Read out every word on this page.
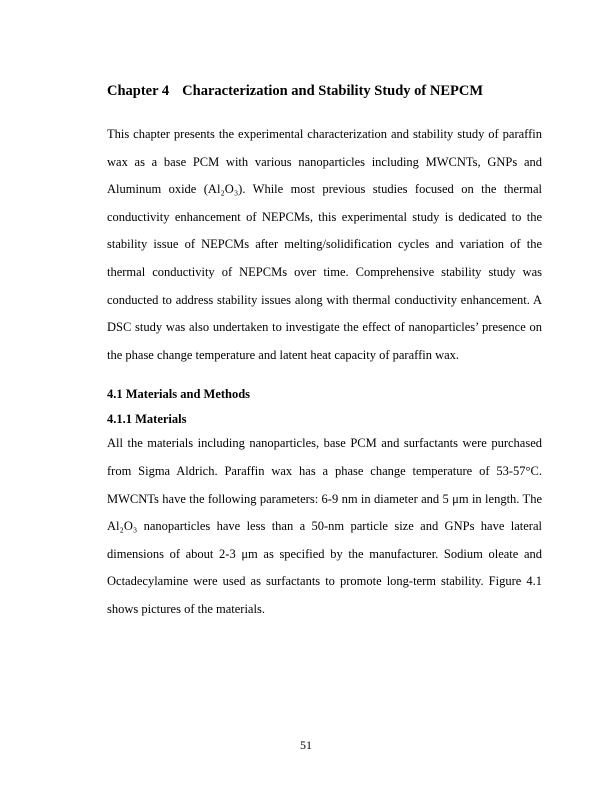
Chapter 4 Characterization and Stability Study of NEPCM

This chapter presents the experimental characterization and stability study of paraffin wax as a base PCM with various nanoparticles including MWCNTs, GNPs and Aluminum oxide (Al₂O₃). While most previous studies focused on the thermal conductivity enhancement of NEPCMs, this experimental study is dedicated to the stability issue of NEPCMs after melting/solidification cycles and variation of the thermal conductivity of NEPCMs over time. Comprehensive stability study was conducted to address stability issues along with thermal conductivity enhancement. A DSC study was also undertaken to investigate the effect of nanoparticles’ presence on the phase change temperature and latent heat capacity of paraffin wax.

4.1 Materials and Methods
4.1.1 Materials

All the materials including nanoparticles, base PCM and surfactants were purchased from Sigma Aldrich. Paraffin wax has a phase change temperature of 53-57°C. MWCNTs have the following parameters: 6-9 nm in diameter and 5 μm in length. The Al₂O₃ nanoparticles have less than a 50-nm particle size and GNPs have lateral dimensions of about 2-3 μm as specified by the manufacturer. Sodium oleate and Octadecylamine were used as surfactants to promote long-term stability. Figure 4.1 shows pictures of the materials.

51
